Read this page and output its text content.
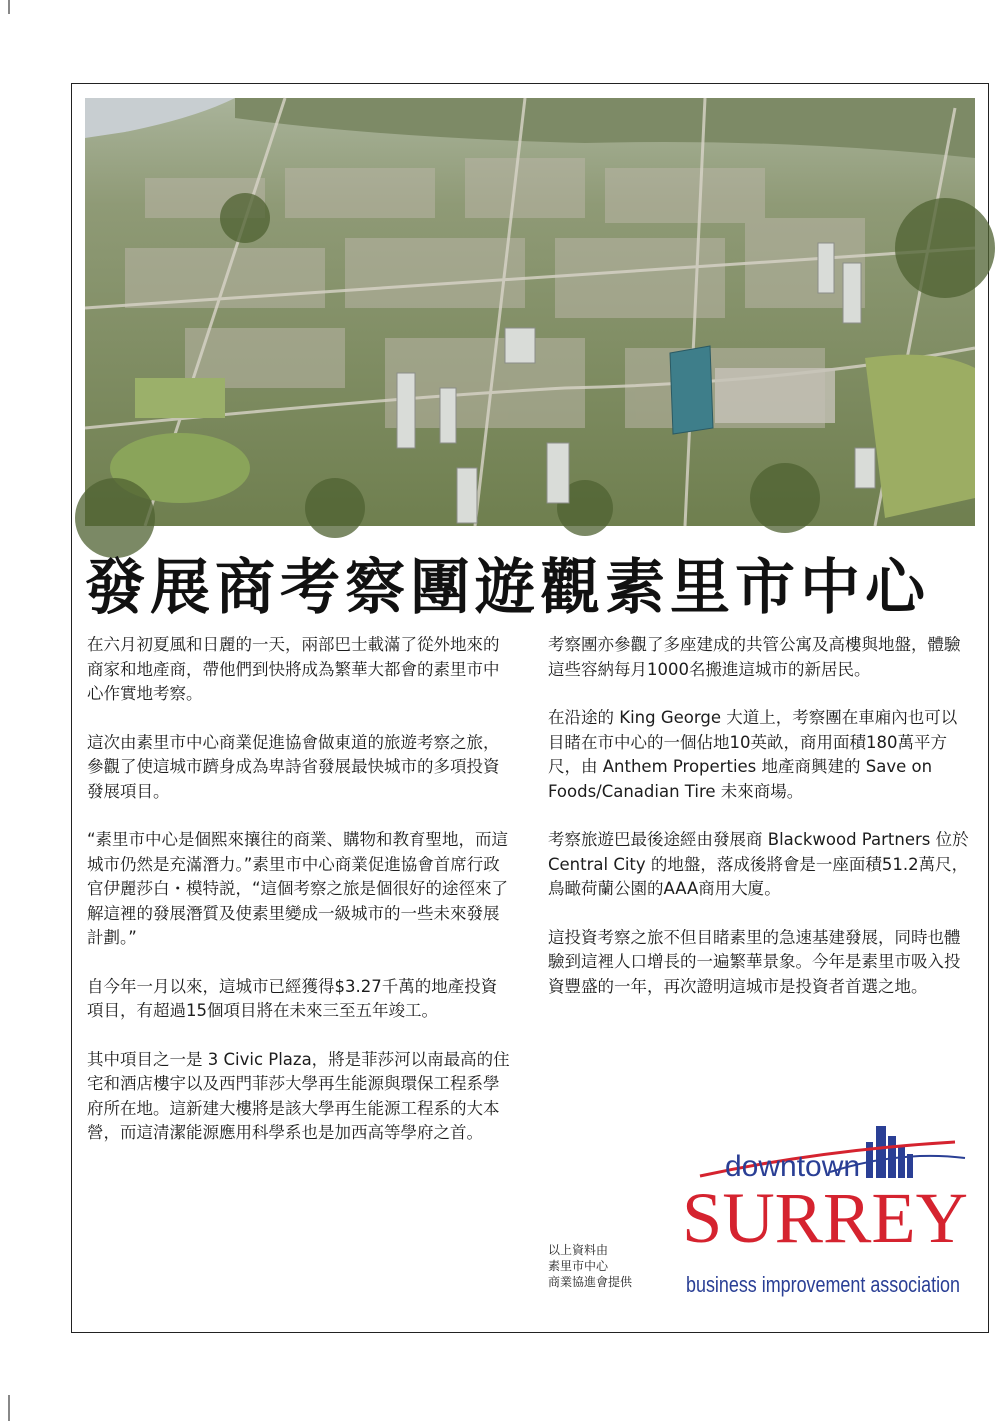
發展商考察團遊觀素里市中心

在六月初夏風和日麗的一天，兩部巴士載滿了從外地來的商家和地產商，帶他們到快將成為繁華大都會的素里市中心作實地考察。

這次由素里市中心商業促進協會做東道的旅遊考察之旅，參觀了使這城市躋身成為卑詩省發展最快城市的多項投資發展項目。

“素里市中心是個熙來攘往的商業、購物和教育聖地，而這城市仍然是充滿潛力。”素里市中心商業促進協會首席行政官伊麗莎白・模特説，“這個考察之旅是個很好的途徑來了解這裡的發展潛質及使素里變成一級城市的一些未來發展計劃。”

自今年一月以來，這城市已經獲得$3.27千萬的地產投資項目，有超過15個項目將在未來三至五年竣工。

其中項目之一是 3 Civic Plaza，將是菲莎河以南最高的住宅和酒店樓宇以及西門菲莎大學再生能源與環保工程系學府所在地。這新建大樓將是該大學再生能源工程系的大本營，而這清潔能源應用科學系也是加西高等學府之首。

考察團亦參觀了多座建成的共管公寓及高樓與地盤，體驗這些容納每月1000名搬進這城市的新居民。

在沿途的 King George 大道上，考察團在車廂內也可以目睹在市中心的一個佔地10英畝，商用面積180萬平方尺，由 Anthem Properties 地產商興建的 Save on Foods/Canadian Tire 未來商場。

考察旅遊巴最後途經由發展商 Blackwood Partners 位於 Central City 的地盤，落成後將會是一座面積51.2萬尺，鳥瞰荷蘭公園的AAA商用大廈。

這投資考察之旅不但目睹素里的急速基建發展，同時也體驗到這裡人口增長的一遍繁華景象。今年是素里市吸入投資豐盛的一年，再次證明這城市是投資者首選之地。

以上資料由
素里市中心
商業協進會提供
downtown
SURREY
business improvement association
